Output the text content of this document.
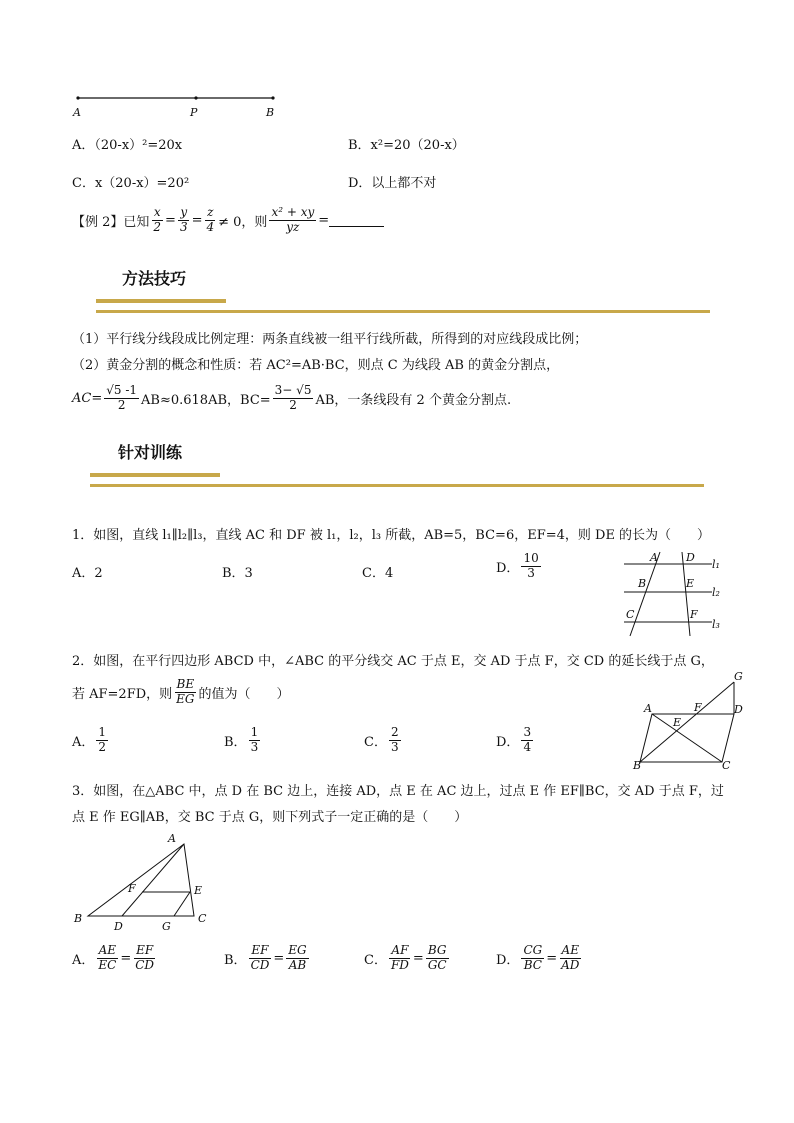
A	P	B
A．（20-x）²=20x	B．x²=20（20-x）
C．x（20-x）=20²	D．以上都不对
【例 2】已知 $\frac{x}{2} = \frac{y}{3} = \frac{z}{4} \ne 0$，则 $\frac{\text{x² + xy}}{yz}$ =
方法技巧
（1）平行线分线段成比例定理：两条直线被一组平行线所截，所得到的对应线段成比例；
（2）黄金分割的概念和性质：若 AC²=AB·BC，则点 C 为线段 AB 的黄金分割点，
$AC= \frac{√5 -1}{2} AB\approx 0.618AB$，$BC= \frac{3- √5}{2}$ AB，一条线段有 2 个黄金分割点.
针对训练
1．如图，直线 l₁∥l₂∥l₃，直线 AC 和 DF 被 l₁，l₂，l₃ 所截，AB=5，BC=6，EF=4，则 DE 的长为（　　）
A．2	B．3	C．4	D． $\frac{10}{3}$	A	D
l₁
B	E
l₂
C	F
l₃
2．如图，在平行四边形 ABCD 中，∠ABC 的平分线交 AC 于点 E，交 AD 于点 F，交 CD 的延长线于点 G，
若 AF=2FD，则 $\frac{BE}{EG}$ 的值为（　　）
A． $\frac{1}{2}$	B． $\frac{1}{3}$	C． $\frac{2}{3}$	D． $\frac{3}{4}$
G
A	F	D
E
B	C
3．如图，在△ABC 中，点 D 在 BC 边上，连接 AD，点 E 在 AC 边上，过点 E 作 EF∥BC，交 AD 于点 F，过
点 E 作 EG∥AB，交 BC 于点 G，则下列式子一定正确的是（　　）
A
F	E
B
D	G
C
A． $\frac{AE}{EC} = \frac{EF}{CD}$	B． $\frac{EF}{CD} = \frac{EG}{AB}$	C． $\frac{AF}{FD} = \frac{BG}{GC}$	D． $\frac{CG}{BC} = \frac{AE}{AD}$
